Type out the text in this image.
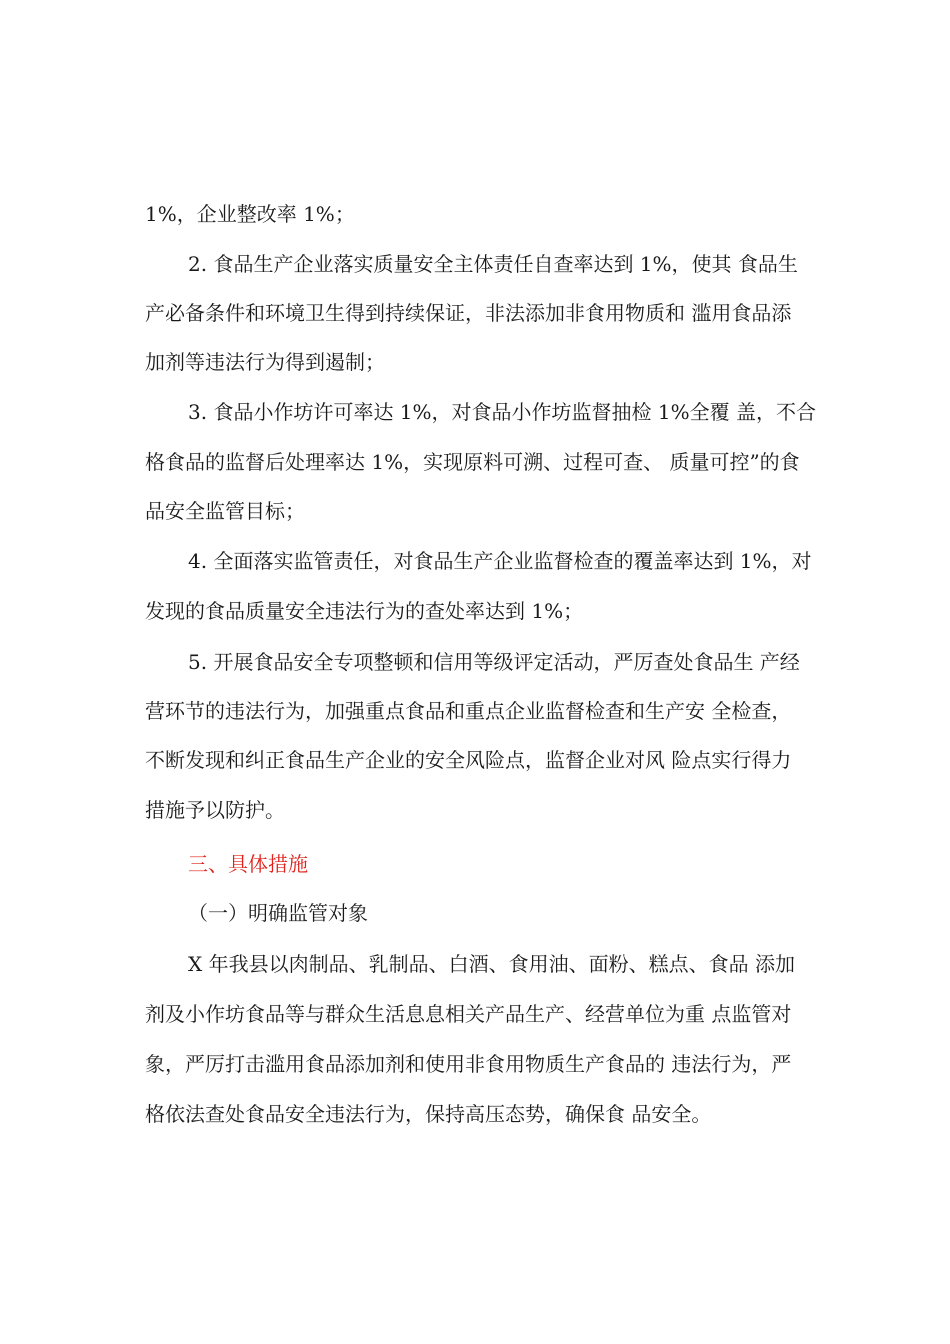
1%，企业整改率 1%；
2. 食品生产企业落实质量安全主体责任自查率达到 1%，使其 食品生
产必备条件和环境卫生得到持续保证，非法添加非食用物质和 滥用食品添
加剂等违法行为得到遏制；
3. 食品小作坊许可率达 1%，对食品小作坊监督抽检 1%全覆 盖，不合
格食品的监督后处理率达 1%，实现原料可溯、过程可查、 质量可控”的食
品安全监管目标；
4. 全面落实监管责任，对食品生产企业监督检查的覆盖率达到 1%，对
发现的食品质量安全违法行为的查处率达到 1%；
5. 开展食品安全专项整顿和信用等级评定活动，严厉查处食品生 产经
营环节的违法行为，加强重点食品和重点企业监督检查和生产安 全检查，
不断发现和纠正食品生产企业的安全风险点，监督企业对风 险点实行得力
措施予以防护。
三、具体措施
（一）明确监管对象
X 年我县以肉制品、乳制品、白酒、食用油、面粉、糕点、食品 添加
剂及小作坊食品等与群众生活息息相关产品生产、经营单位为重 点监管对
象，严厉打击滥用食品添加剂和使用非食用物质生产食品的 违法行为，严
格依法查处食品安全违法行为，保持高压态势，确保食 品安全。
